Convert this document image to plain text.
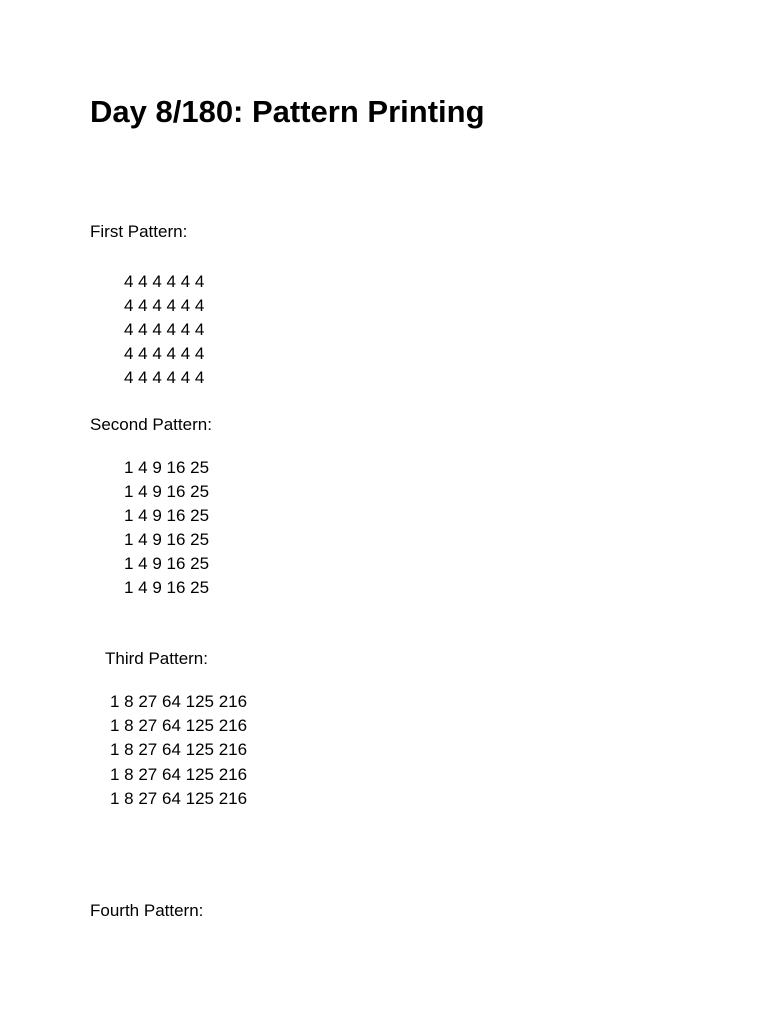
Day 8/180: Pattern Printing

First Pattern:

4 4 4 4 4 4
4 4 4 4 4 4
4 4 4 4 4 4
4 4 4 4 4 4
4 4 4 4 4 4

Second Pattern:

1 4 9 16 25
1 4 9 16 25
1 4 9 16 25
1 4 9 16 25
1 4 9 16 25
1 4 9 16 25

Third Pattern:

1 8 27 64 125 216
1 8 27 64 125 216
1 8 27 64 125 216
1 8 27 64 125 216
1 8 27 64 125 216

Fourth Pattern:
